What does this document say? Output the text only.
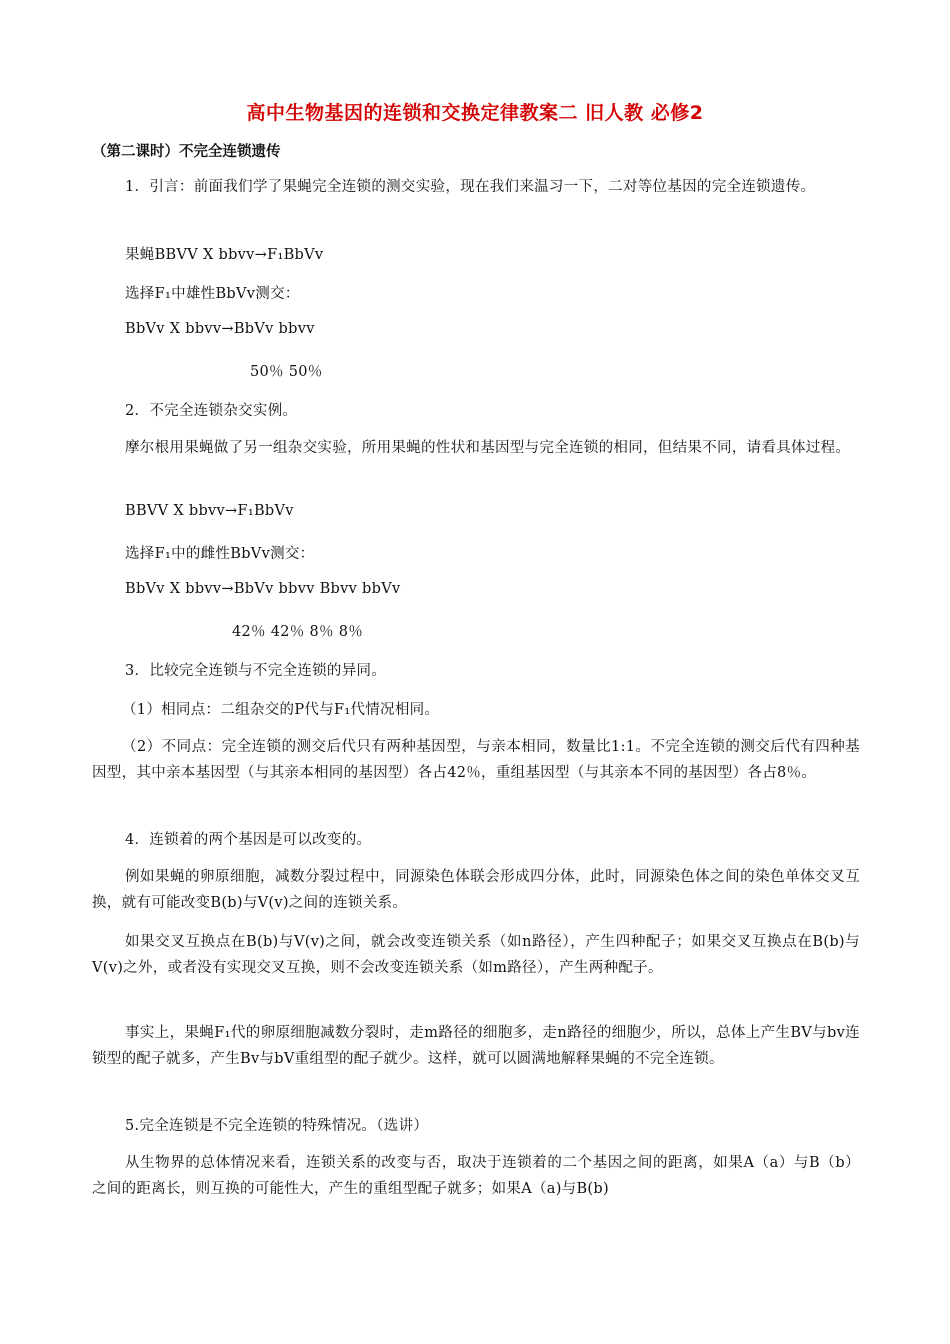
高中生物基因的连锁和交换定律教案二 旧人教 必修2
（第二课时）不完全连锁遗传
1．引言：前面我们学了果蝇完全连锁的测交实验，现在我们来温习一下，二对等位基因的完全连锁遗传。
果蝇BBVV X bbvv→F₁BbVv
选择F₁中雄性BbVv测交：
BbVv X bbvv→BbVv bbvv
50％ 50％
2．不完全连锁杂交实例。
摩尔根用果蝇做了另一组杂交实验，所用果蝇的性状和基因型与完全连锁的相同，但结果不同，请看具体过程。
BBVV X bbvv→F₁BbVv
选择F₁中的雌性BbVv测交：
BbVv X bbvv→BbVv bbvv Bbvv bbVv
42％ 42％ 8％ 8％
3．比较完全连锁与不完全连锁的异同。
（1）相同点：二组杂交的P代与F₁代情况相同。
（2）不同点：完全连锁的测交后代只有两种基因型，与亲本相同，数量比1:1。不完全连锁的测交后代有四种基因型，其中亲本基因型（与其亲本相同的基因型）各占42％，重组基因型（与其亲本不同的基因型）各占8％。
4．连锁着的两个基因是可以改变的。
例如果蝇的卵原细胞，减数分裂过程中，同源染色体联会形成四分体，此时，同源染色体之间的染色单体交叉互换，就有可能改变B(b)与V(v)之间的连锁关系。
如果交叉互换点在B(b)与V(v)之间，就会改变连锁关系（如n路径），产生四种配子；如果交叉互换点在B(b)与V(v)之外，或者没有实现交叉互换，则不会改变连锁关系（如m路径），产生两种配子。
事实上，果蝇F₁代的卵原细胞减数分裂时，走m路径的细胞多，走n路径的细胞少，所以，总体上产生BV与bv连锁型的配子就多，产生Bv与bV重组型的配子就少。这样，就可以圆满地解释果蝇的不完全连锁。
5.完全连锁是不完全连锁的特殊情况。（选讲）
从生物界的总体情况来看，连锁关系的改变与否，取决于连锁着的二个基因之间的距离，如果A（a）与B（b）之间的距离长，则互换的可能性大，产生的重组型配子就多；如果A（a)与B(b)
